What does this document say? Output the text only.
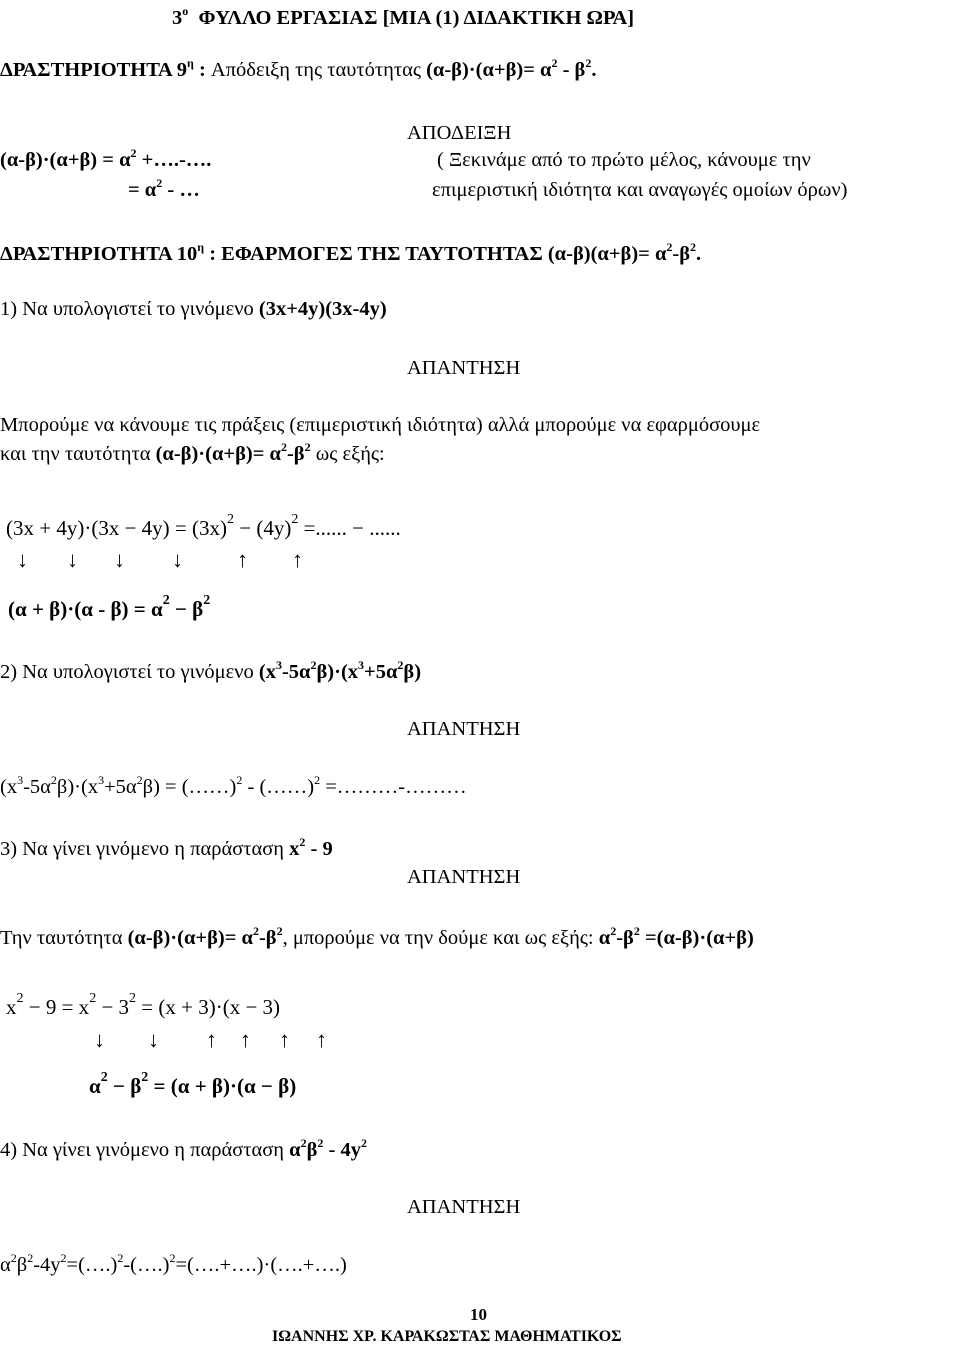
$3^o$ ΦΥΛΛΟ ΕΡΓΑΣΙΑΣ [ΜΙΑ (1) ΔΙΔΑΚΤΙΚΗ ΩΡΑ]
ΔΡΑΣΤΗΡΙΟΤΗΤΑ $9^\eta$ : Απόδειξη της ταυτότητας $(\alpha-\beta)\cdot(\alpha+\beta)= \alpha^2 - \beta^2$.
ΑΠΟΔΕΙΞΗ
$(\alpha-\beta)\cdot(\alpha+\beta) = \alpha^2$ +….-….
= $\alpha^2$ - …
( Ξεκινάμε από το πρώτο μέλος, κάνουμε την
επιμεριστική ιδιότητα και αναγωγές ομοίων όρων)
ΔΡΑΣΤΗΡΙΟΤΗΤΑ $10^\eta$ : ΕΦΑΡΜΟΓΕΣ ΤΗΣ ΤΑΥΤΟΤΗΤΑΣ $(\alpha-\beta)(\alpha+\beta)= \alpha^2-\beta^2$.
1) Να υπολογιστεί το γινόμενο (3x+4y)(3x-4y)
ΑΠΑΝΤΗΣΗ
Μπορούμε να κάνουμε τις πράξεις (επιμεριστική ιδιότητα) αλλά μπορούμε να εφαρμόσουμε
και την ταυτότητα $(\alpha-\beta)\cdot(\alpha+\beta)= \alpha^2-\beta^2$ ως εξής:
$(3x + 4y)\cdot(3x - 4y) = (3x)^2 - (4y)^2$ =...... − ......
↓ ↓ ↓ ↓ ↑ ↑
$(\alpha + \beta)\cdot(\alpha - \beta) = \alpha^2 - \beta^2$
2) Να υπολογιστεί το γινόμενο $(x^3-5\alpha^2\beta)\cdot(x^3+5\alpha^2\beta)$
ΑΠΑΝΤΗΣΗ
$(x^3-5\alpha^2\beta)\cdot(x^3+5\alpha^2\beta)$ = (……)$^2$ - (……)$^2$ =………-………
3) Να γίνει γινόμενο η παράσταση $x^2 - 9$
ΑΠΑΝΤΗΣΗ
Την ταυτότητα $(\alpha-\beta)\cdot(\alpha+\beta)= \alpha^2-\beta^2$, μπορούμε να την δούμε και ως εξής: $\alpha^2-\beta^2 =(\alpha-\beta)\cdot(\alpha+\beta)$
$x^2 - 9 = x^2 - 3^2 = (x + 3)\cdot(x - 3)$
↓ ↓ ↑ ↑ ↑ ↑
$\alpha^2 - \beta^2 = (\alpha + \beta)\cdot(\alpha - \beta)$
4) Να γίνει γινόμενο η παράσταση $\alpha^2\beta^2 - 4y^2$
ΑΠΑΝΤΗΣΗ
$\alpha^2\beta^2-4y^2=(\dots.)^2-(\dots.)^2=(\dots.+\dots.)\cdot(\dots.+\dots.)$
10
ΙΩΑΝΝΗΣ ΧΡ. ΚΑΡΑΚΩΣΤΑΣ ΜΑΘΗΜΑΤΙΚΟΣ
